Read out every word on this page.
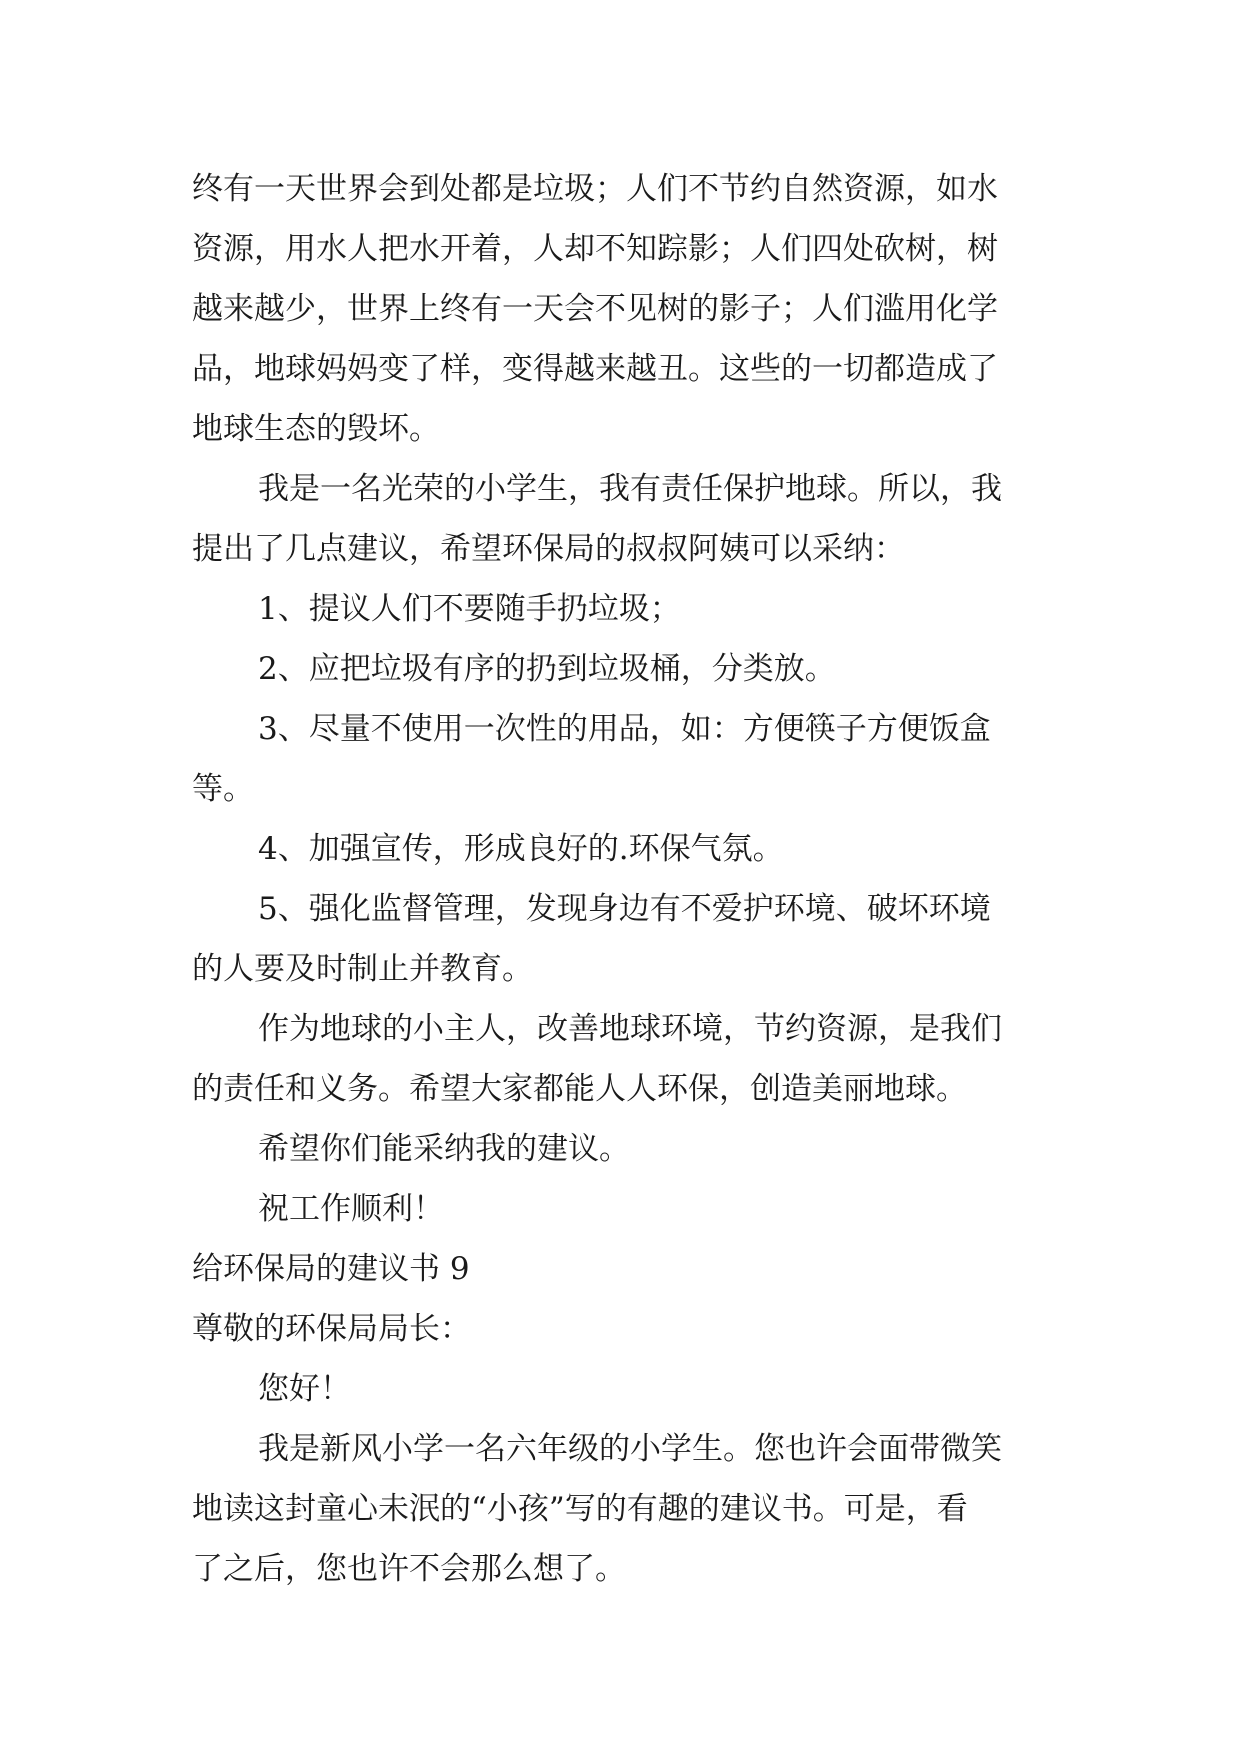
终有一天世界会到处都是垃圾；人们不节约自然资源，如水
资源，用水人把水开着，人却不知踪影；人们四处砍树，树
越来越少，世界上终有一天会不见树的影子；人们滥用化学
品，地球妈妈变了样，变得越来越丑。这些的一切都造成了
地球生态的毁坏。
我是一名光荣的小学生，我有责任保护地球。所以，我
提出了几点建议，希望环保局的叔叔阿姨可以采纳：
1、提议人们不要随手扔垃圾；
2、应把垃圾有序的扔到垃圾桶，分类放。
3、尽量不使用一次性的用品，如：方便筷子方便饭盒
等。
4、加强宣传，形成良好的.环保气氛。
5、强化监督管理，发现身边有不爱护环境、破坏环境
的人要及时制止并教育。
作为地球的小主人，改善地球环境，节约资源，是我们
的责任和义务。希望大家都能人人环保，创造美丽地球。
希望你们能采纳我的建议。
祝工作顺利！
给环保局的建议书 9
尊敬的环保局局长：
您好！
我是新风小学一名六年级的小学生。您也许会面带微笑
地读这封童心未泯的“小孩”写的有趣的建议书。可是，看
了之后，您也许不会那么想了。
